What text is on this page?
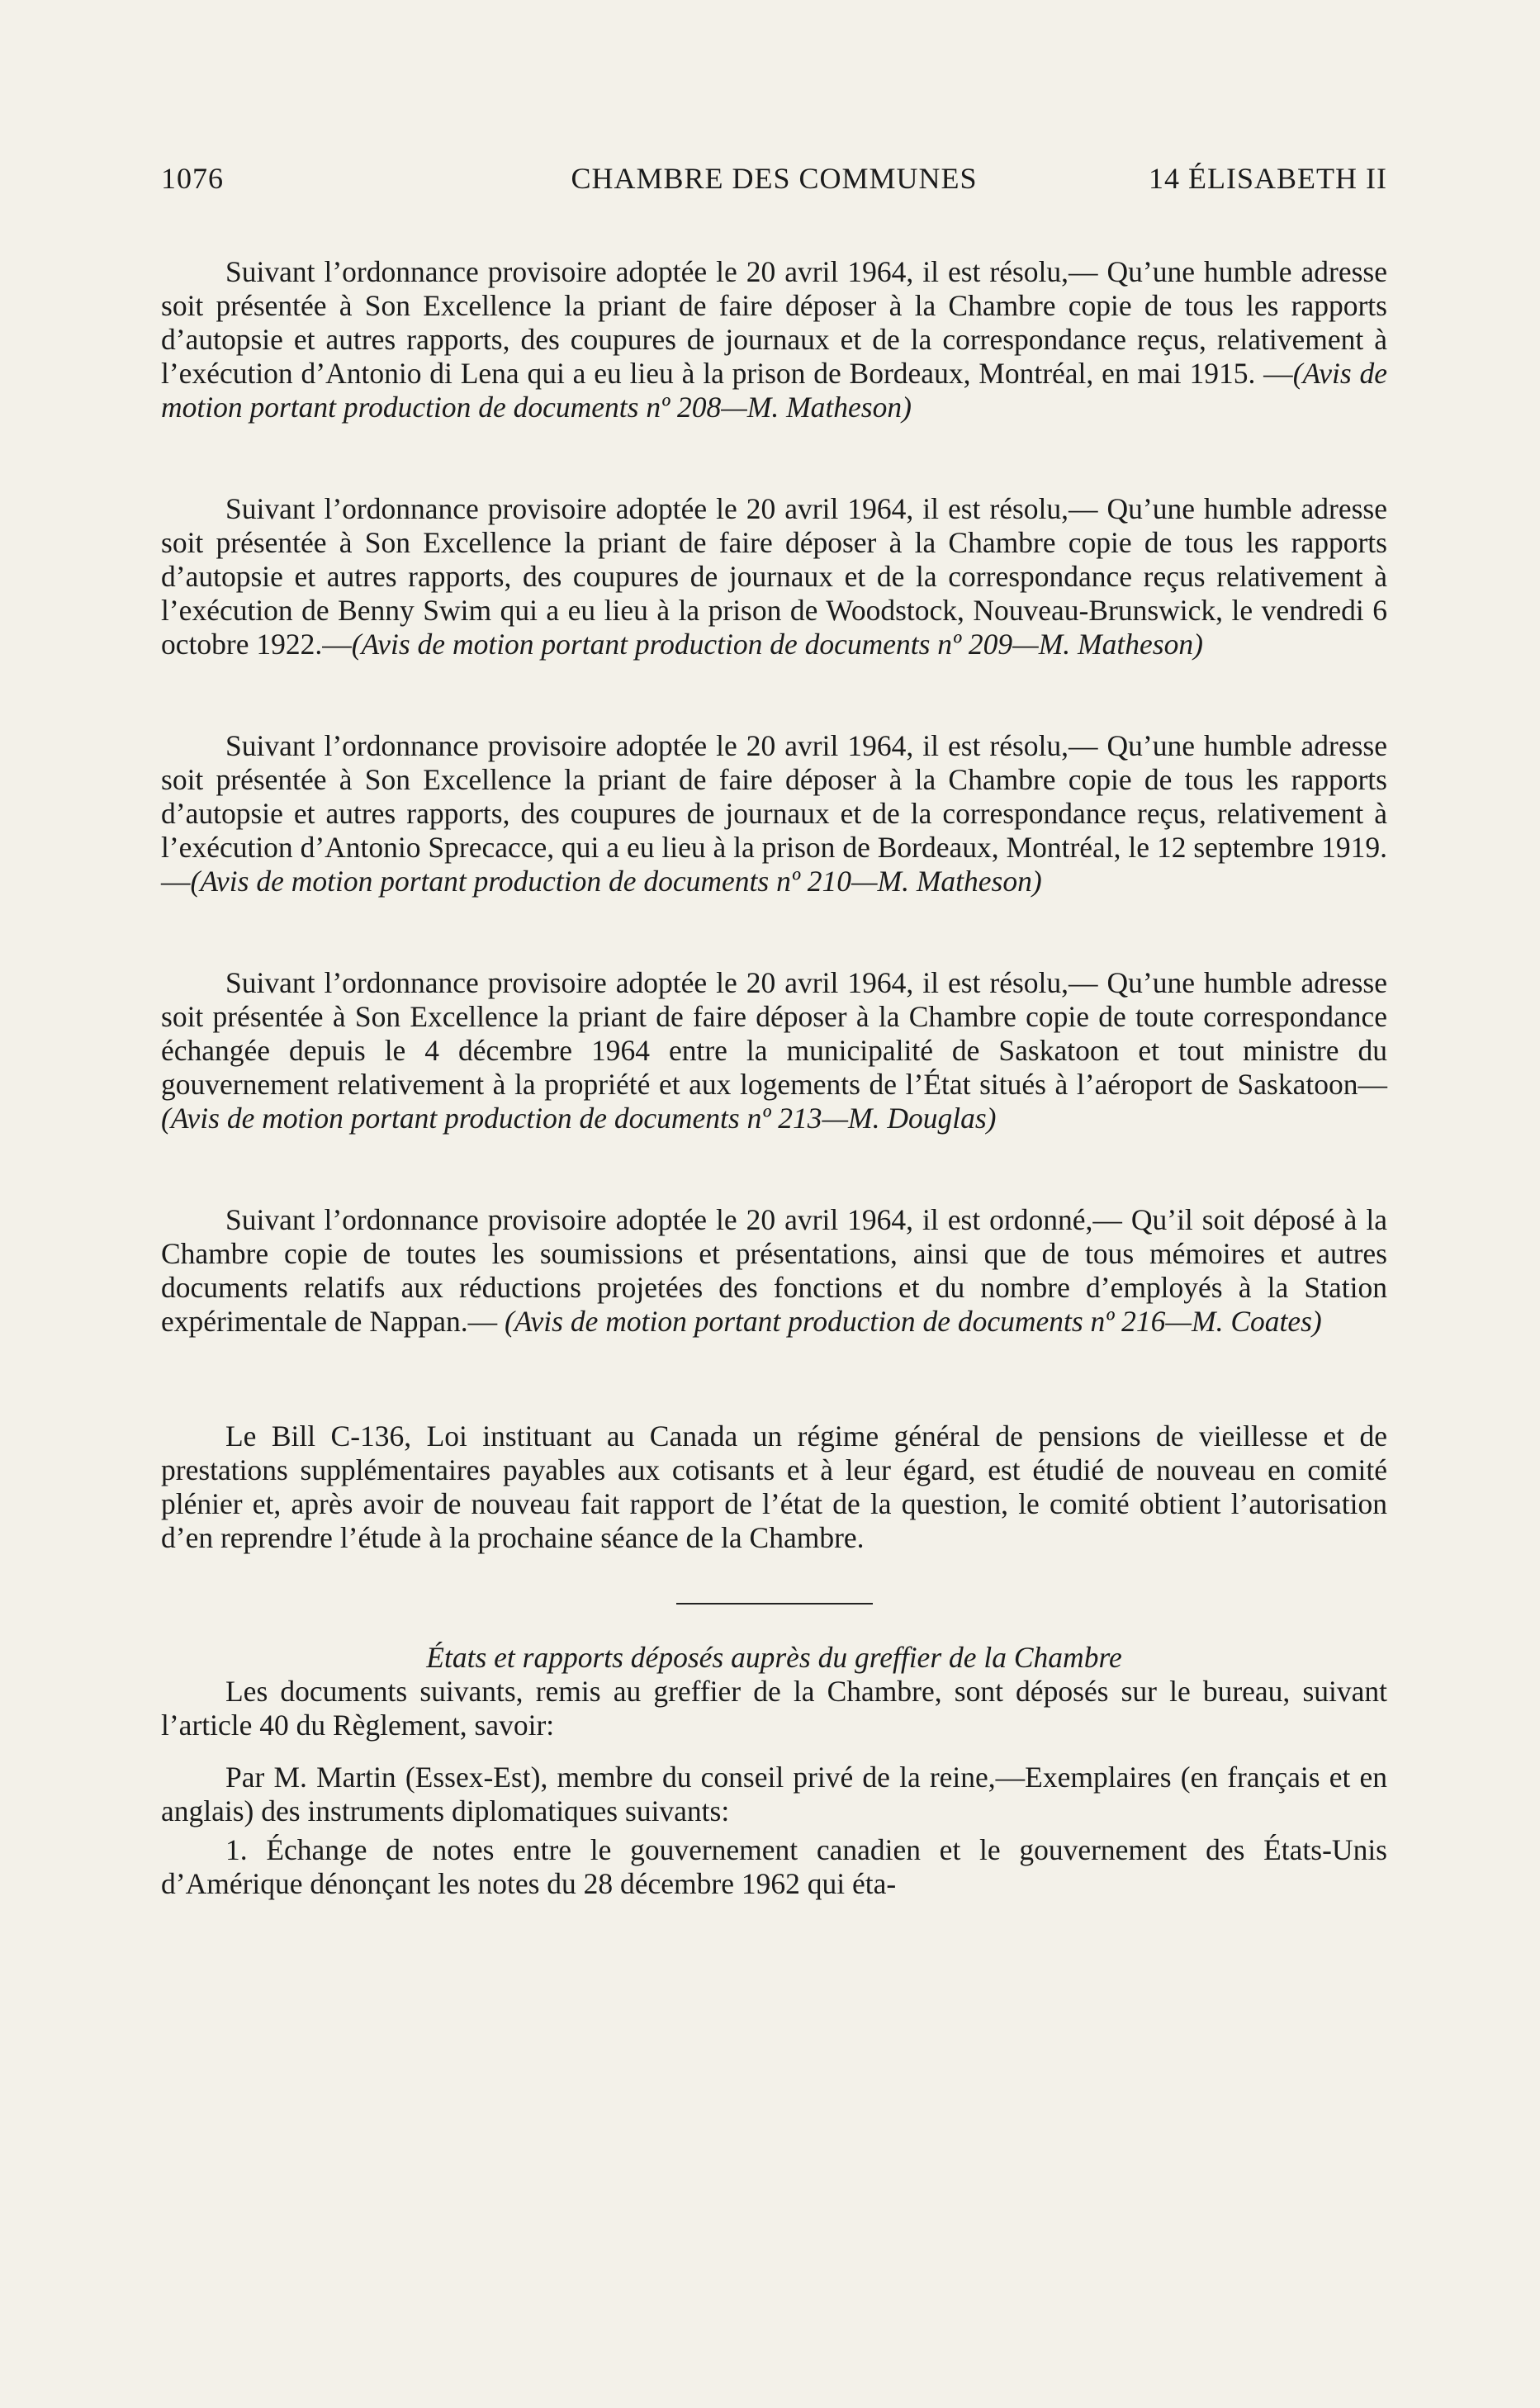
1076	CHAMBRE DES COMMUNES	14 ÉLISABETH II

Suivant l’ordonnance provisoire adoptée le 20 avril 1964, il est résolu,— Qu’une humble adresse soit présentée à Son Excellence la priant de faire déposer à la Chambre copie de tous les rapports d’autopsie et autres rapports, des coupures de journaux et de la correspondance reçus, relativement à l’exécution d’Antonio di Lena qui a eu lieu à la prison de Bordeaux, Montréal, en mai 1915. —(Avis de motion portant production de documents nº 208—M. Matheson)

Suivant l’ordonnance provisoire adoptée le 20 avril 1964, il est résolu,— Qu’une humble adresse soit présentée à Son Excellence la priant de faire déposer à la Chambre copie de tous les rapports d’autopsie et autres rapports, des coupures de journaux et de la correspondance reçus relativement à l’exécution de Benny Swim qui a eu lieu à la prison de Woodstock, Nouveau-Brunswick, le vendredi 6 octobre 1922.—(Avis de motion portant production de documents nº 209—M. Matheson)

Suivant l’ordonnance provisoire adoptée le 20 avril 1964, il est résolu,— Qu’une humble adresse soit présentée à Son Excellence la priant de faire déposer à la Chambre copie de tous les rapports d’autopsie et autres rapports, des coupures de journaux et de la correspondance reçus, relativement à l’exécution d’Antonio Sprecacce, qui a eu lieu à la prison de Bordeaux, Montréal, le 12 septembre 1919.—(Avis de motion portant production de documents nº 210—M. Matheson)

Suivant l’ordonnance provisoire adoptée le 20 avril 1964, il est résolu,— Qu’une humble adresse soit présentée à Son Excellence la priant de faire déposer à la Chambre copie de toute correspondance échangée depuis le 4 décembre 1964 entre la municipalité de Saskatoon et tout ministre du gouvernement relativement à la propriété et aux logements de l’État situés à l’aéroport de Saskatoon—(Avis de motion portant production de documents nº 213—M. Douglas)

Suivant l’ordonnance provisoire adoptée le 20 avril 1964, il est ordonné,— Qu’il soit déposé à la Chambre copie de toutes les soumissions et présentations, ainsi que de tous mémoires et autres documents relatifs aux réductions projetées des fonctions et du nombre d’employés à la Station expérimentale de Nappan.— (Avis de motion portant production de documents nº 216—M. Coates)

Le Bill C-136, Loi instituant au Canada un régime général de pensions de vieillesse et de prestations supplémentaires payables aux cotisants et à leur égard, est étudié de nouveau en comité plénier et, après avoir de nouveau fait rapport de l’état de la question, le comité obtient l’autorisation d’en reprendre l’étude à la prochaine séance de la Chambre.

États et rapports déposés auprès du greffier de la Chambre

Les documents suivants, remis au greffier de la Chambre, sont déposés sur le bureau, suivant l’article 40 du Règlement, savoir:

Par M. Martin (Essex-Est), membre du conseil privé de la reine,—Exemplaires (en français et en anglais) des instruments diplomatiques suivants:

1. Échange de notes entre le gouvernement canadien et le gouvernement des États-Unis d’Amérique dénonçant les notes du 28 décembre 1962 qui éta-
